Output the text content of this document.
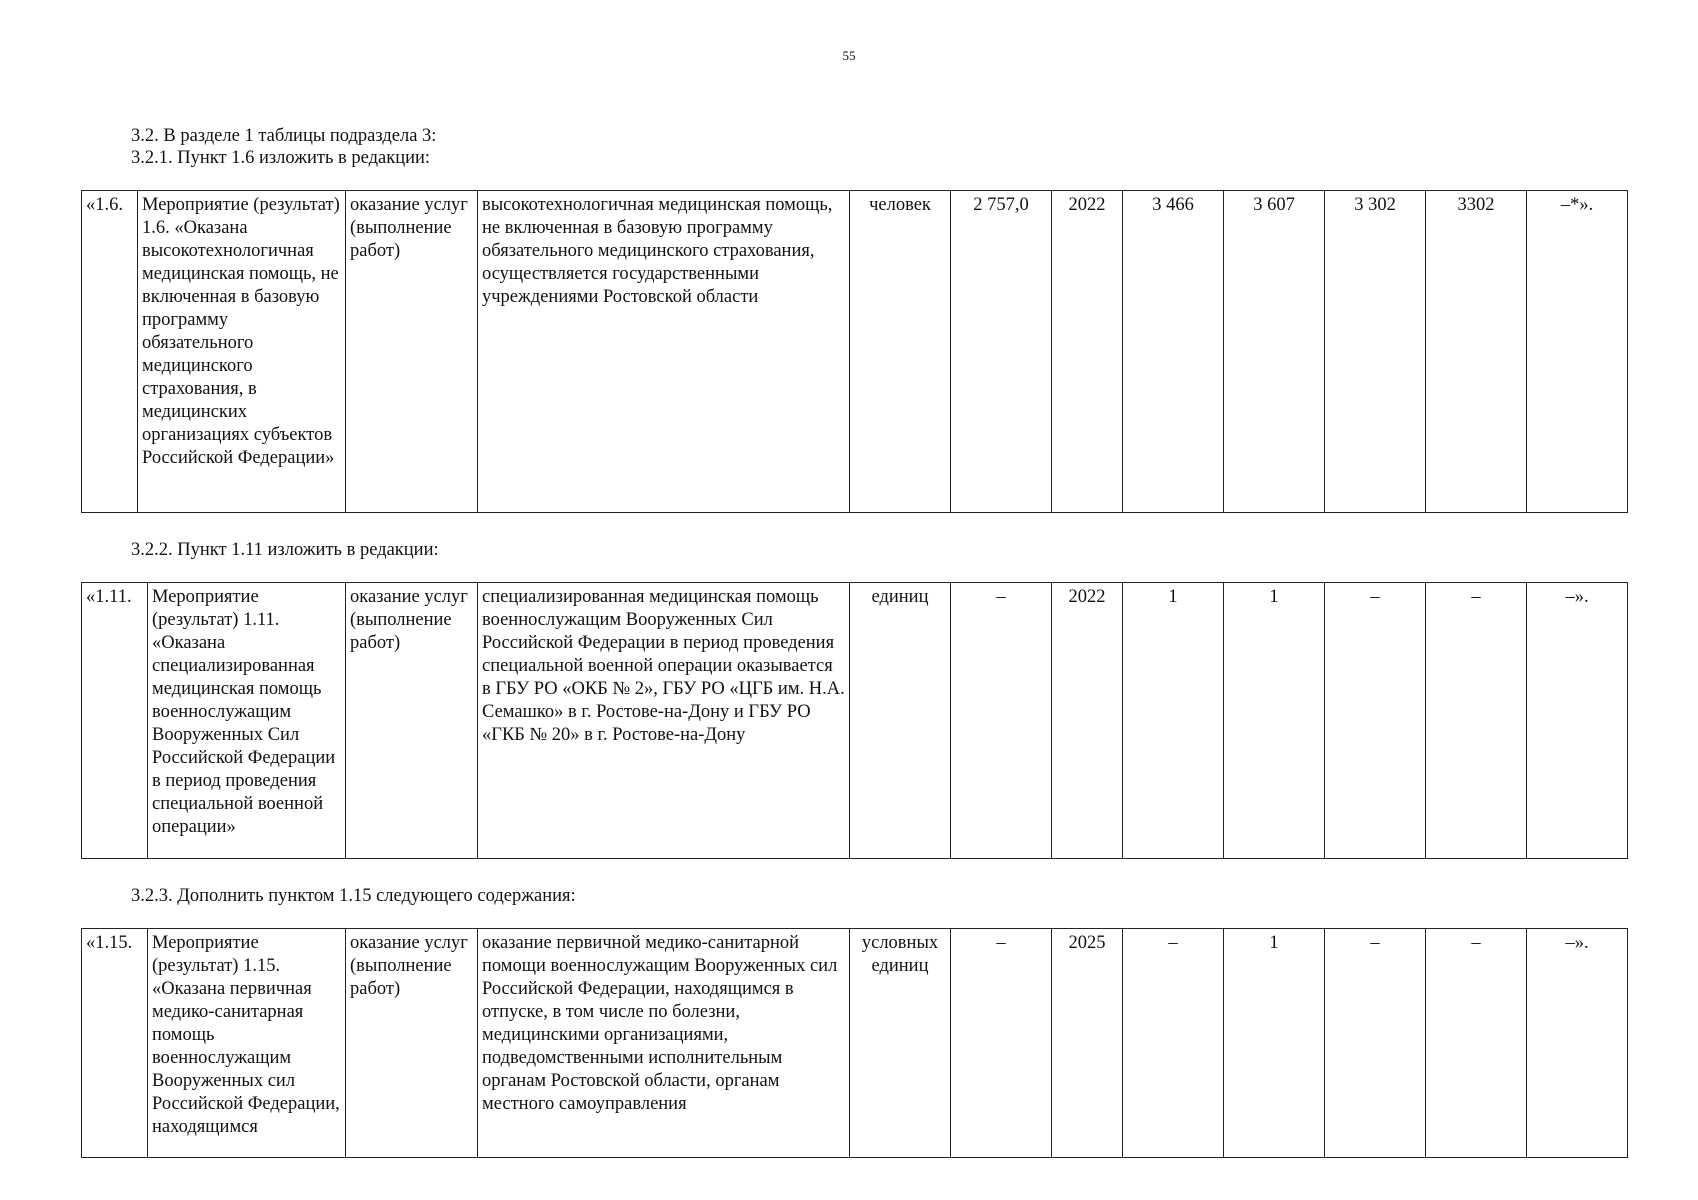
55
3.2. В разделе 1 таблицы подраздела 3:
3.2.1. Пункт 1.6 изложить в редакции:
«1.6.	Мероприятие (результат) 1.6. «Оказана высокотехнологичная медицинская помощь, не включенная в базовую программу обязательного медицинского страхования, в медицинских организациях субъектов Российской Федерации»	оказание услуг (выполнение работ)	высокотехнологичная медицинская помощь, не включенная в базовую программу обязательного медицинского страхования, осуществляется государственными учреждениями Ростовской области	человек	2 757,0	2022	3 466	3 607	3 302	3302	–*».
3.2.2. Пункт 1.11 изложить в редакции:
«1.11.	Мероприятие (результат) 1.11. «Оказана специализированная медицинская помощь военнослужащим Вооруженных Сил Российской Федерации в период проведения специальной военной операции»	оказание услуг (выполнение работ)	специализированная медицинская помощь военнослужащим Вооруженных Сил Российской Федерации в период проведения специальной военной операции оказывается в ГБУ РО «ОКБ № 2», ГБУ РО «ЦГБ им. Н.А. Семашко» в г. Ростове-на-Дону и ГБУ РО «ГКБ № 20» в г. Ростове-на-Дону	единиц	–	2022	1	1	–	–	–».
3.2.3. Дополнить пунктом 1.15 следующего содержания:
«1.15.	Мероприятие (результат) 1.15. «Оказана первичная медико-санитарная помощь военнослужащим Вооруженных сил Российской Федерации, находящимся	оказание услуг (выполнение работ)	оказание первичной медико-санитарной помощи военнослужащим Вооруженных сил Российской Федерации, находящимся в отпуске, в том числе по болезни, медицинскими организациями, подведомственными исполнительным органам Ростовской области, органам местного самоуправления	условных единиц	–	2025	–	1	–	–	–».
